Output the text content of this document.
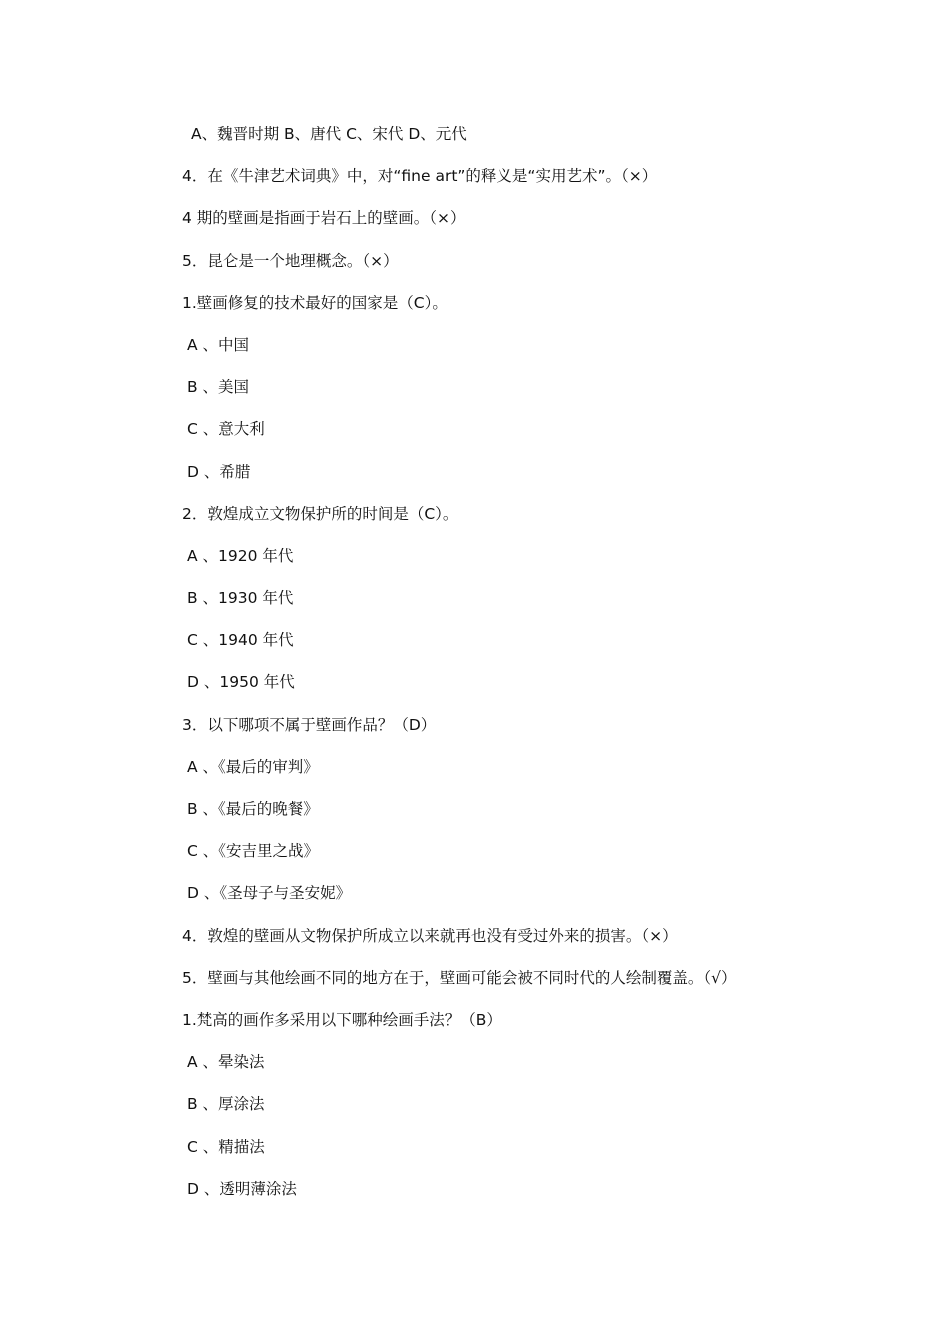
A、魏晋时期 B、唐代 C、宋代 D、元代
4．在《牛津艺术词典》中，对“fine art”的释义是“实用艺术”。（×）
4 期的壁画是指画于岩石上的壁画。（×）
5．昆仑是一个地理概念。（×）
1.壁画修复的技术最好的国家是（C）。
A 、中国
B 、美国
C 、意大利
D 、希腊
2．敦煌成立文物保护所的时间是（C）。
A 、1920 年代
B 、1930 年代
C 、1940 年代
D 、1950 年代
3．以下哪项不属于壁画作品？（D）
A 、《最后的审判》
B 、《最后的晚餐》
C 、《安吉里之战》
D 、《圣母子与圣安妮》
4．敦煌的壁画从文物保护所成立以来就再也没有受过外来的损害。（×）
5．壁画与其他绘画不同的地方在于，壁画可能会被不同时代的人绘制覆盖。（√）
1.梵高的画作多采用以下哪种绘画手法？（B）
A 、晕染法
B 、厚涂法
C 、精描法
D 、透明薄涂法
